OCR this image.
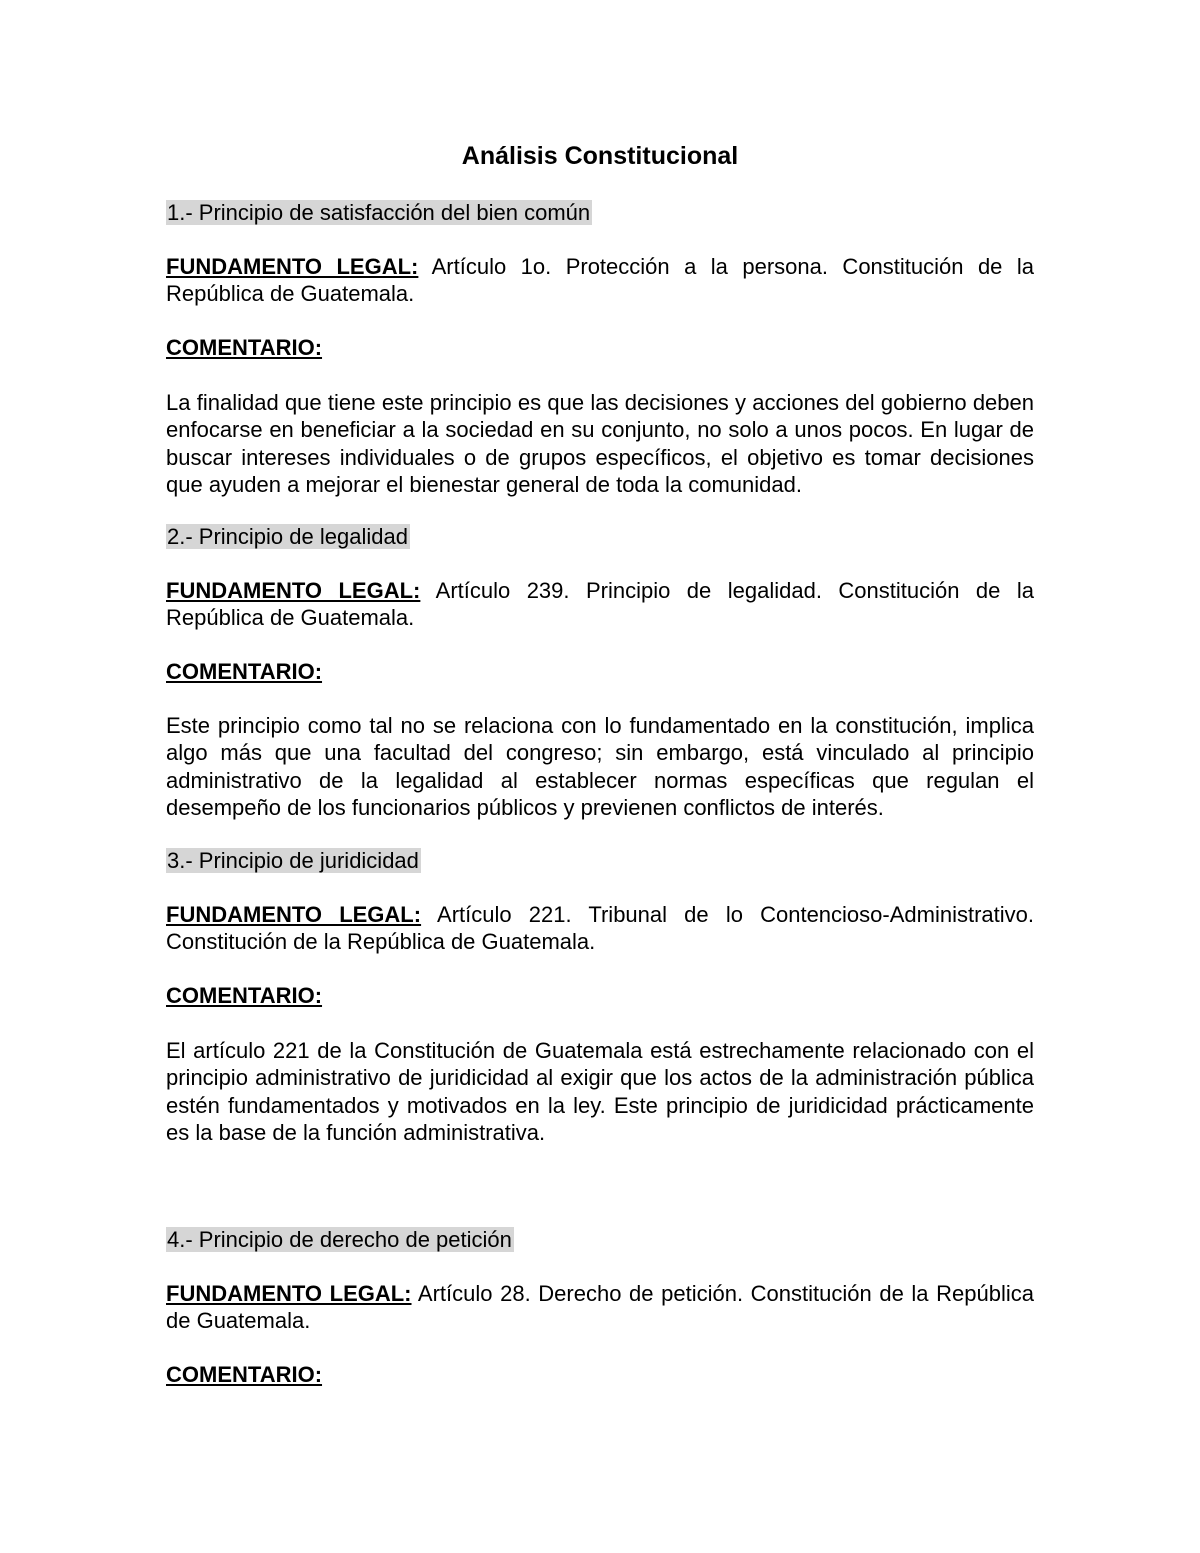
Análisis Constitucional
1.- Principio de satisfacción del bien común
FUNDAMENTO LEGAL: Artículo 1o. Protección a la persona. Constitución de la República de Guatemala.
COMENTARIO:
La finalidad que tiene este principio es que las decisiones y acciones del gobierno deben enfocarse en beneficiar a la sociedad en su conjunto, no solo a unos pocos. En lugar de buscar intereses individuales o de grupos específicos, el objetivo es tomar decisiones que ayuden a mejorar el bienestar general de toda la comunidad.
2.- Principio de legalidad
FUNDAMENTO LEGAL: Artículo 239. Principio de legalidad. Constitución de la República de Guatemala.
COMENTARIO:
Este principio como tal no se relaciona con lo fundamentado en la constitución, implica algo más que una facultad del congreso; sin embargo, está vinculado al principio administrativo de la legalidad al establecer normas específicas que regulan el desempeño de los funcionarios públicos y previenen conflictos de interés.
3.- Principio de juridicidad
FUNDAMENTO LEGAL: Artículo 221. Tribunal de lo Contencioso-Administrativo. Constitución de la República de Guatemala.
COMENTARIO:
El artículo 221 de la Constitución de Guatemala está estrechamente relacionado con el principio administrativo de juridicidad al exigir que los actos de la administración pública estén fundamentados y motivados en la ley. Este principio de juridicidad prácticamente es la base de la función administrativa.
4.- Principio de derecho de petición
FUNDAMENTO LEGAL: Artículo 28. Derecho de petición. Constitución de la República de Guatemala.
COMENTARIO:
